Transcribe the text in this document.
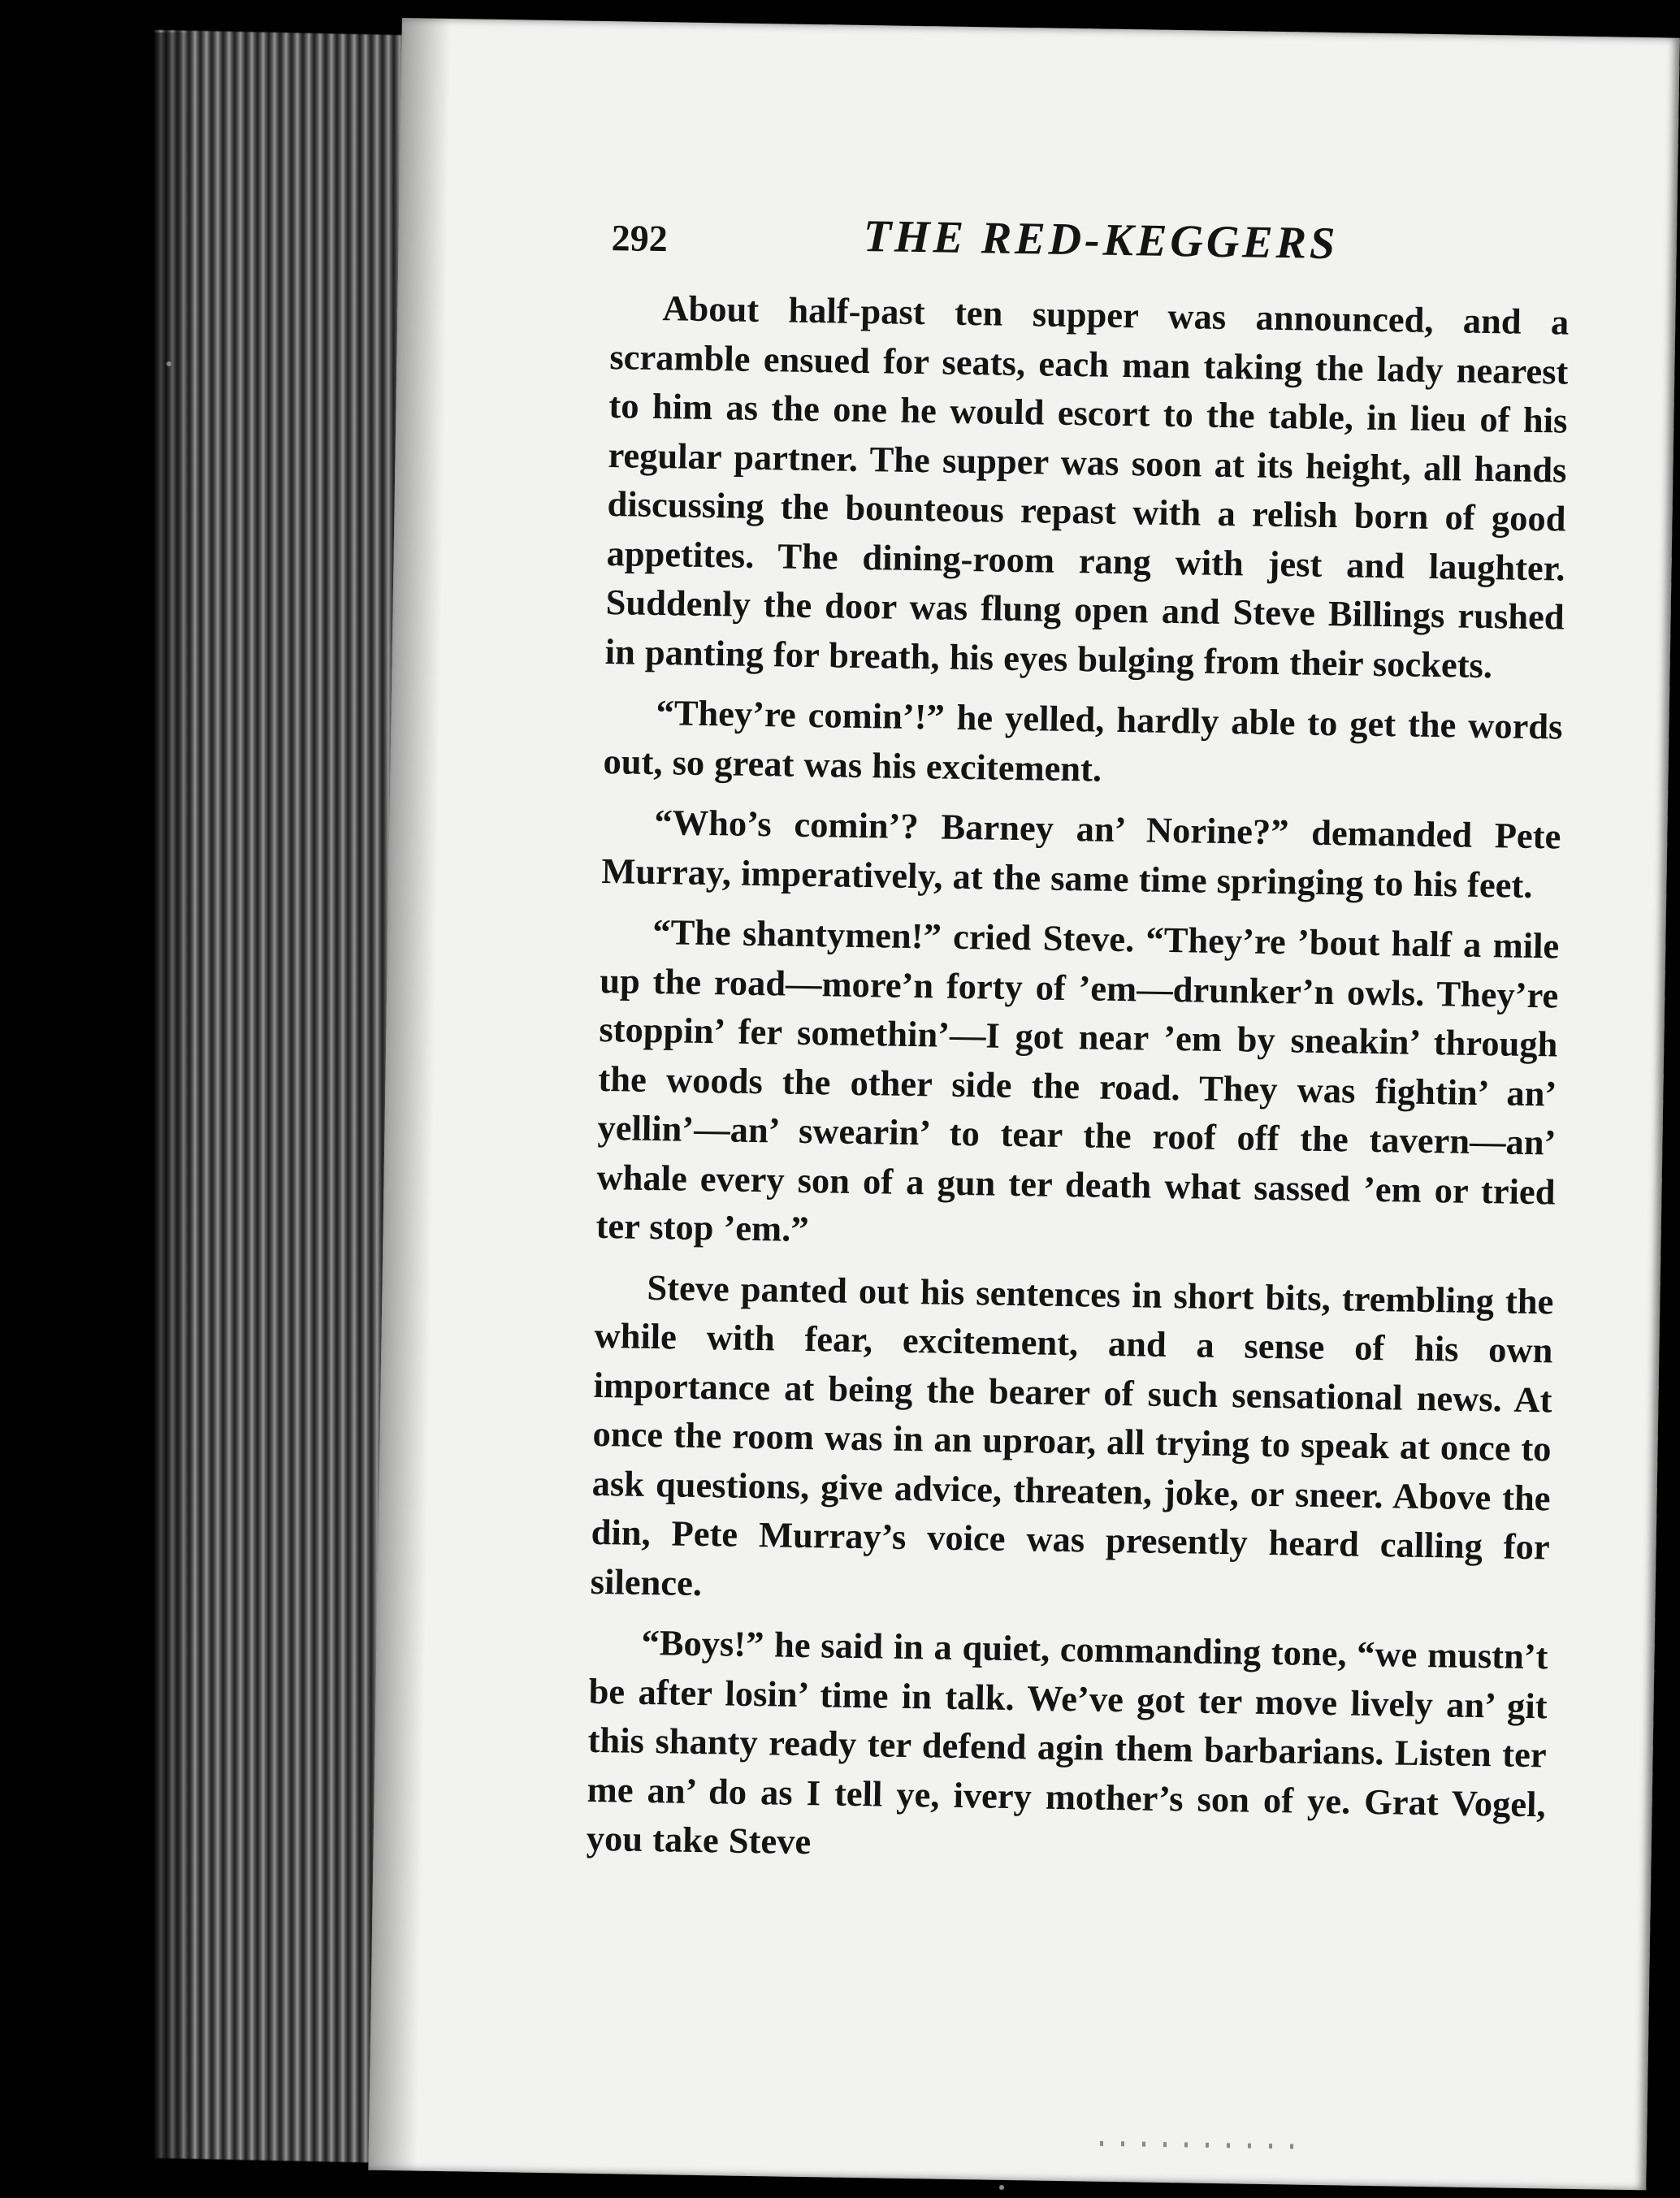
292	THE RED-KEGGERS

About half-past ten supper was announced, and a scramble ensued for seats, each man taking the lady nearest to him as the one he would escort to the table, in lieu of his regular partner. The supper was soon at its height, all hands discussing the bounteous repast with a relish born of good appetites. The dining-room rang with jest and laughter. Suddenly the door was flung open and Steve Billings rushed in panting for breath, his eyes bulging from their sockets.

“They’re comin’!” he yelled, hardly able to get the words out, so great was his excitement.

“Who’s comin’? Barney an’ Norine?” demanded Pete Murray, imperatively, at the same time springing to his feet.

“The shantymen!” cried Steve. “They’re ’bout half a mile up the road—more’n forty of ’em—drunker’n owls. They’re stoppin’ fer somethin’—I got near ’em by sneakin’ through the woods the other side the road. They was fightin’ an’ yellin’—an’ swearin’ to tear the roof off the tavern—an’ whale every son of a gun ter death what sassed ’em or tried ter stop ’em.”

Steve panted out his sentences in short bits, trembling the while with fear, excitement, and a sense of his own importance at being the bearer of such sensational news. At once the room was in an uproar, all trying to speak at once to ask questions, give advice, threaten, joke, or sneer. Above the din, Pete Murray’s voice was presently heard calling for silence.

“Boys!” he said in a quiet, commanding tone, “we mustn’t be after losin’ time in talk. We’ve got ter move lively an’ git this shanty ready ter defend agin them barbarians. Listen ter me an’ do as I tell ye, ivery mother’s son of ye. Grat Vogel, you take Steve
